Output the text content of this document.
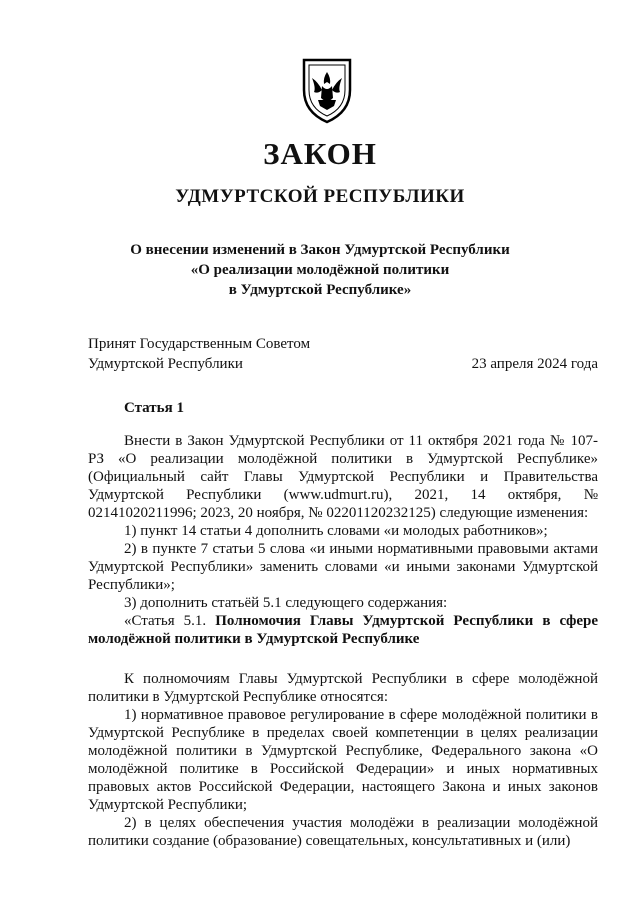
ЗАКОН
УДМУРТСКОЙ РЕСПУБЛИКИ
О внесении изменений в Закон Удмуртской Республики
«О реализации молодёжной политики
в Удмуртской Республике»
Принят Государственным Советом
Удмуртской Республики	23 апреля 2024 года
Статья 1

Внести в Закон Удмуртской Республики от 11 октября 2021 года № 107-РЗ «О реализации молодёжной политики в Удмуртской Республике» (Официальный сайт Главы Удмуртской Республики и Правительства Удмуртской Республики (www.udmurt.ru), 2021, 14 октября, № 02141020211996; 2023, 20 ноября, № 02201120232125) следующие изменения:

1) пункт 14 статьи 4 дополнить словами «и молодых работников»;

2) в пункте 7 статьи 5 слова «и иными нормативными правовыми актами Удмуртской Республики» заменить словами «и иными законами Удмуртской Республики»;

3) дополнить статьёй 5.1 следующего содержания:

«Статья 5.1. Полномочия Главы Удмуртской Республики в сфере молодёжной политики в Удмуртской Республике

К полномочиям Главы Удмуртской Республики в сфере молодёжной политики в Удмуртской Республике относятся:

1) нормативное правовое регулирование в сфере молодёжной политики в Удмуртской Республике в пределах своей компетенции в целях реализации молодёжной политики в Удмуртской Республике, Федерального закона «О молодёжной политике в Российской Федерации» и иных нормативных правовых актов Российской Федерации, настоящего Закона и иных законов Удмуртской Республики;

2) в целях обеспечения участия молодёжи в реализации молодёжной политики создание (образование) совещательных, консультативных и (или)
